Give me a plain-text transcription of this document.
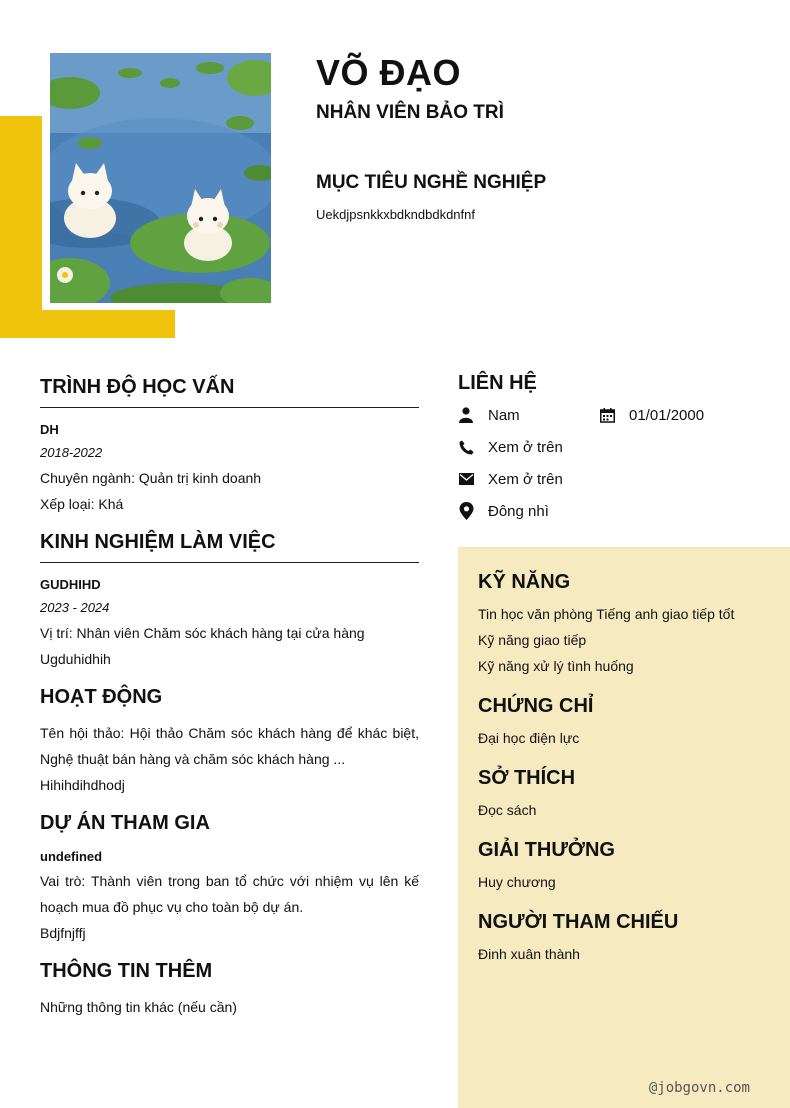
VÕ ĐẠO
NHÂN VIÊN BẢO TRÌ
MỤC TIÊU NGHỀ NGHIỆP
Uekdjpsnkkxbdkndbdkdnfnf
TRÌNH ĐỘ HỌC VẤN
DH
2018-2022
Chuyên ngành: Quản trị kinh doanh
Xếp loại: Khá
KINH NGHIỆM LÀM VIỆC
GUDHIHD
2023 - 2024
Vị trí: Nhân viên Chăm sóc khách hàng tại cửa hàng
Ugduhidhih
HOẠT ĐỘNG
Tên hội thảo: Hội thảo Chăm sóc khách hàng để khác biệt, Nghệ thuật bán hàng và chăm sóc khách hàng ...
Hihihdihdhodj
DỰ ÁN THAM GIA
undefined
Vai trò: Thành viên trong ban tổ chức với nhiệm vụ lên kế hoạch mua đồ phục vụ cho toàn bộ dự án.
Bdjfnjffj
THÔNG TIN THÊM
Những thông tin khác (nếu cần)
LIÊN HỆ
Nam	01/01/2000
Xem ở trên
Xem ở trên
Đông nhì
KỸ NĂNG
Tin học văn phòng Tiếng anh giao tiếp tốt
Kỹ năng giao tiếp
Kỹ năng xử lý tình huống
CHỨNG CHỈ
Đại học điện lực
SỞ THÍCH
Đọc sách
GIẢI THƯỞNG
Huy chương
NGƯỜI THAM CHIẾU
Đinh xuân thành
@jobgovn.com
